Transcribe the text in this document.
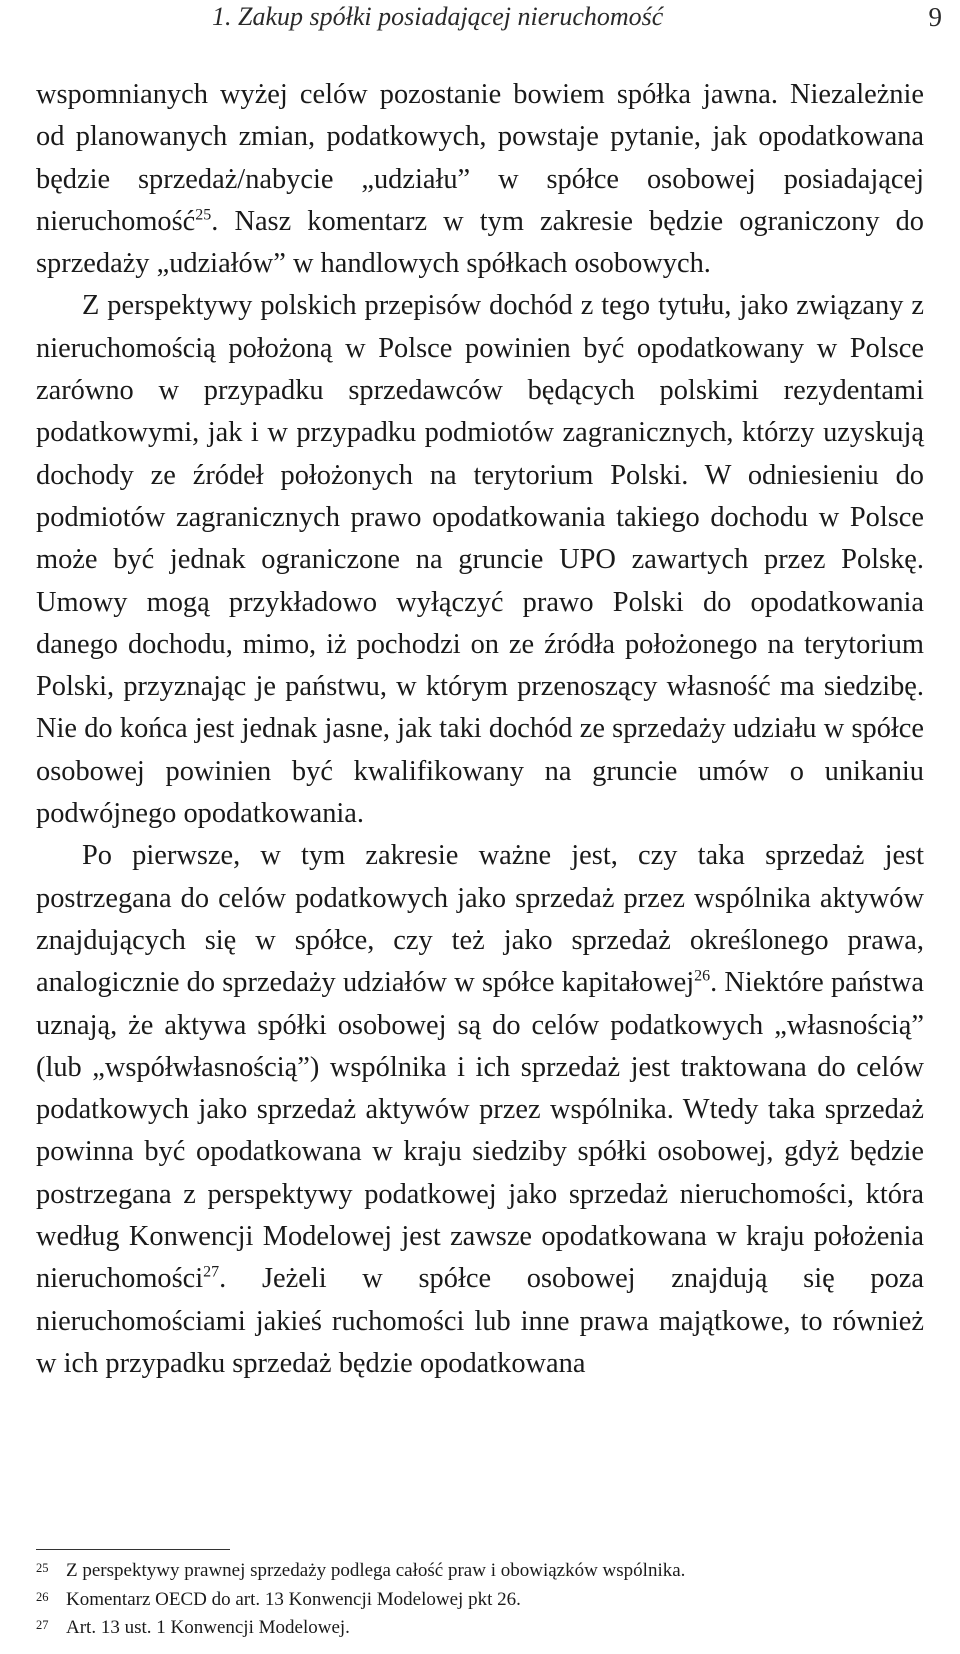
1. Zakup spółki posiadającej nieruchomość	9

wspomnianych wyżej celów pozostanie bowiem spółka jawna. Niezależnie od planowanych zmian, podatkowych, powstaje pytanie, jak opodatkowana będzie sprzedaż/nabycie „udziału” w spółce osobowej posiadającej nieruchomość$^{25}$. Nasz komentarz w tym zakresie będzie ograniczony do sprzedaży „udziałów” w handlowych spółkach osobowych.

Z perspektywy polskich przepisów dochód z tego tytułu, jako związany z nieruchomością położoną w Polsce powinien być opodatkowany w Polsce zarówno w przypadku sprzedawców będących polskimi rezydentami podatkowymi, jak i w przypadku podmiotów zagranicznych, którzy uzyskują dochody ze źródeł położonych na terytorium Polski. W odniesieniu do podmiotów zagranicznych prawo opodatkowania takiego dochodu w Polsce może być jednak ograniczone na gruncie UPO zawartych przez Polskę. Umowy mogą przykładowo wyłączyć prawo Polski do opodatkowania danego dochodu, mimo, iż pochodzi on ze źródła położonego na terytorium Polski, przyznając je państwu, w którym przenoszący własność ma siedzibę. Nie do końca jest jednak jasne, jak taki dochód ze sprzedaży udziału w spółce osobowej powinien być kwalifikowany na gruncie umów o unikaniu podwójnego opodatkowania.

Po pierwsze, w tym zakresie ważne jest, czy taka sprzedaż jest postrzegana do celów podatkowych jako sprzedaż przez wspólnika aktywów znajdujących się w spółce, czy też jako sprzedaż określonego prawa, analogicznie do sprzedaży udziałów w spółce kapitałowej$^{26}$. Niektóre państwa uznają, że aktywa spółki osobowej są do celów podatkowych „własnością” (lub „współwłasnością”) wspólnika i ich sprzedaż jest traktowana do celów podatkowych jako sprzedaż aktywów przez wspólnika. Wtedy taka sprzedaż powinna być opodatkowana w kraju siedziby spółki osobowej, gdyż będzie postrzegana z perspektywy podatkowej jako sprzedaż nieruchomości, która według Konwencji Modelowej jest zawsze opodatkowana w kraju położenia nieruchomości$^{27}$. Jeżeli w spółce osobowej znajdują się poza nieruchomościami jakieś ruchomości lub inne prawa majątkowe, to również w ich przypadku sprzedaż będzie opodatkowana

25 Z perspektywy prawnej sprzedaży podlega całość praw i obowiązków wspólnika.
26 Komentarz OECD do art. 13 Konwencji Modelowej pkt 26.
27 Art. 13 ust. 1 Konwencji Modelowej.
